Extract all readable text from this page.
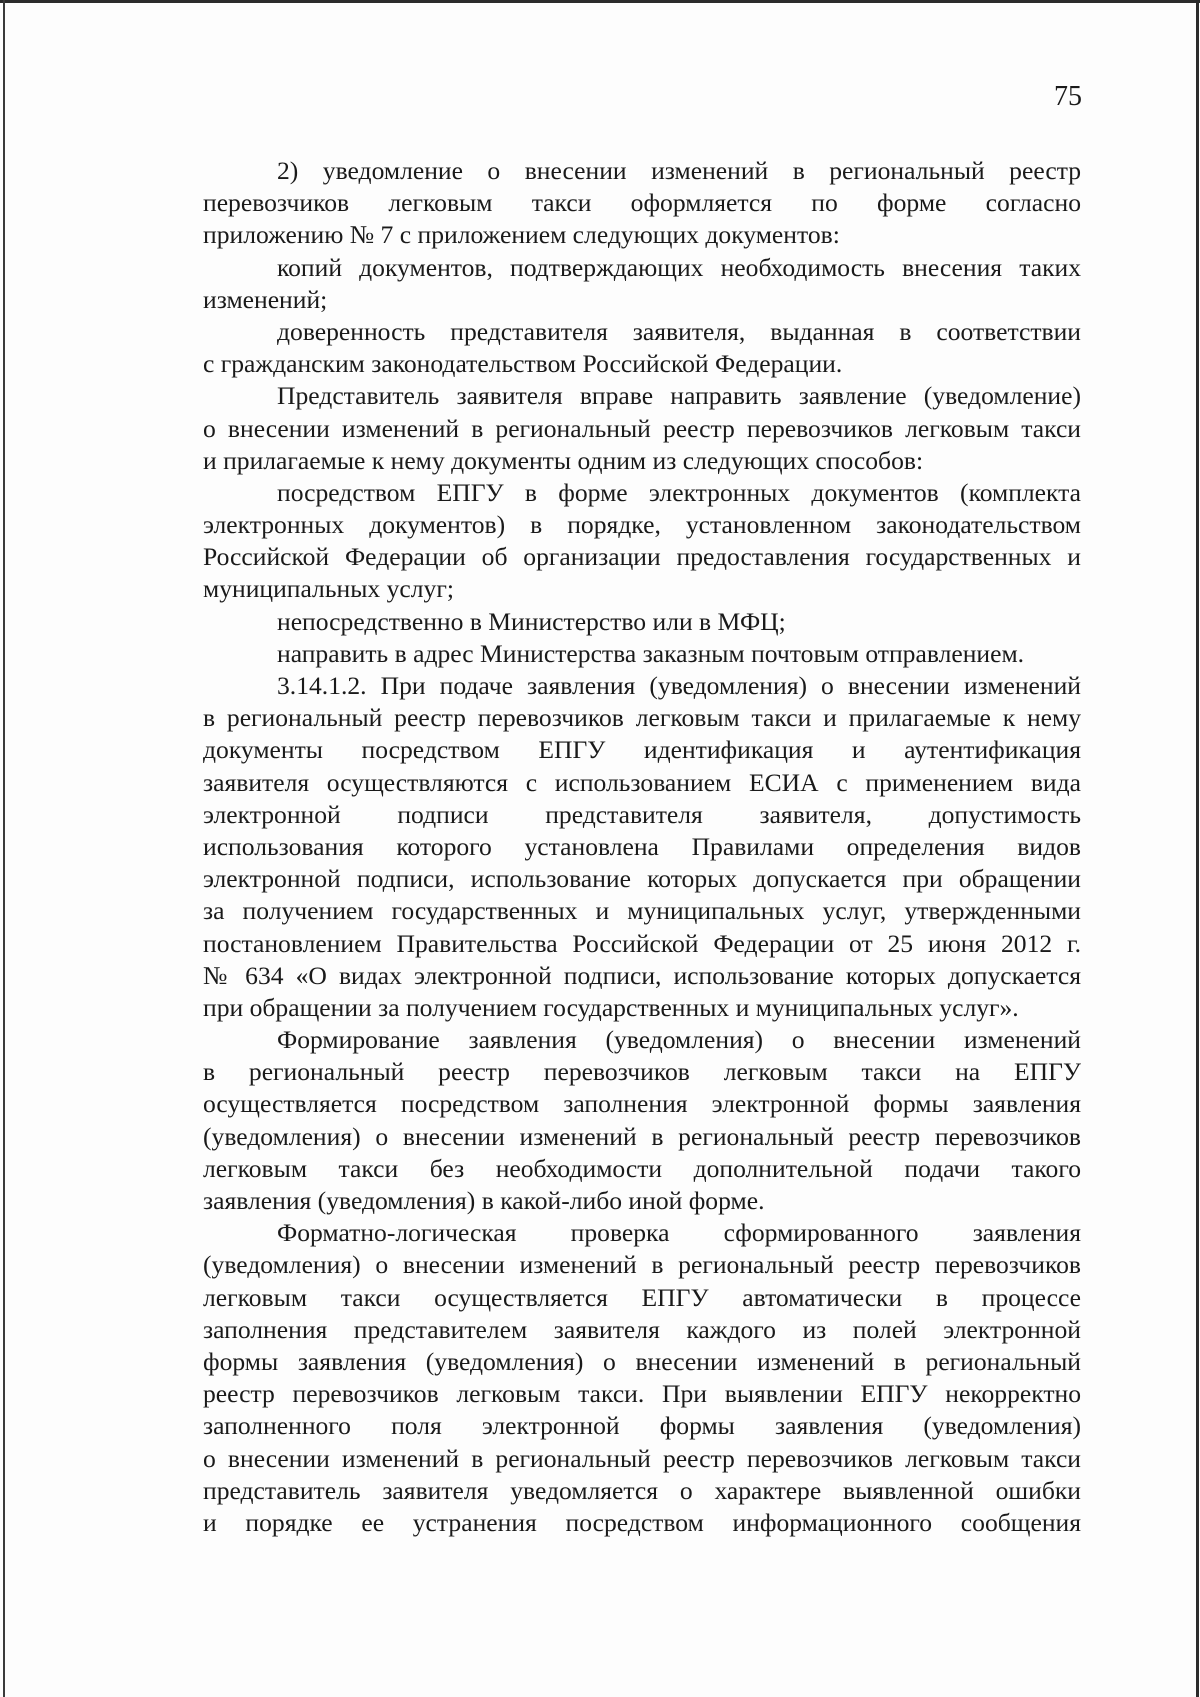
75
2) уведомление о внесении изменений в региональный реестр
перевозчиков легковым такси оформляется по форме согласно
приложению № 7 с приложением следующих документов:
копий документов, подтверждающих необходимость внесения таких
изменений;
доверенность представителя заявителя, выданная в соответствии
с гражданским законодательством Российской Федерации.
Представитель заявителя вправе направить заявление (уведомление)
о внесении изменений в региональный реестр перевозчиков легковым такси
и прилагаемые к нему документы одним из следующих способов:
посредством ЕПГУ в форме электронных документов (комплекта
электронных документов) в порядке, установленном законодательством
Российской Федерации об организации предоставления государственных и
муниципальных услуг;
непосредственно в Министерство или в МФЦ;
направить в адрес Министерства заказным почтовым отправлением.
3.14.1.2. При подаче заявления (уведомления) о внесении изменений
в региональный реестр перевозчиков легковым такси и прилагаемые к нему
документы посредством ЕПГУ идентификация и аутентификация
заявителя осуществляются с использованием ЕСИА с применением вида
электронной подписи представителя заявителя, допустимость
использования которого установлена Правилами определения видов
электронной подписи, использование которых допускается при обращении
за получением государственных и муниципальных услуг, утвержденными
постановлением Правительства Российской Федерации от 25 июня 2012 г.
№ 634 «О видах электронной подписи, использование которых допускается
при обращении за получением государственных и муниципальных услуг».
Формирование заявления (уведомления) о внесении изменений
в региональный реестр перевозчиков легковым такси на ЕПГУ
осуществляется посредством заполнения электронной формы заявления
(уведомления) о внесении изменений в региональный реестр перевозчиков
легковым такси без необходимости дополнительной подачи такого
заявления (уведомления) в какой-либо иной форме.
Форматно-логическая проверка сформированного заявления
(уведомления) о внесении изменений в региональный реестр перевозчиков
легковым такси осуществляется ЕПГУ автоматически в процессе
заполнения представителем заявителя каждого из полей электронной
формы заявления (уведомления) о внесении изменений в региональный
реестр перевозчиков легковым такси. При выявлении ЕПГУ некорректно
заполненного поля электронной формы заявления (уведомления)
о внесении изменений в региональный реестр перевозчиков легковым такси
представитель заявителя уведомляется о характере выявленной ошибки
и порядке ее устранения посредством информационного сообщения
